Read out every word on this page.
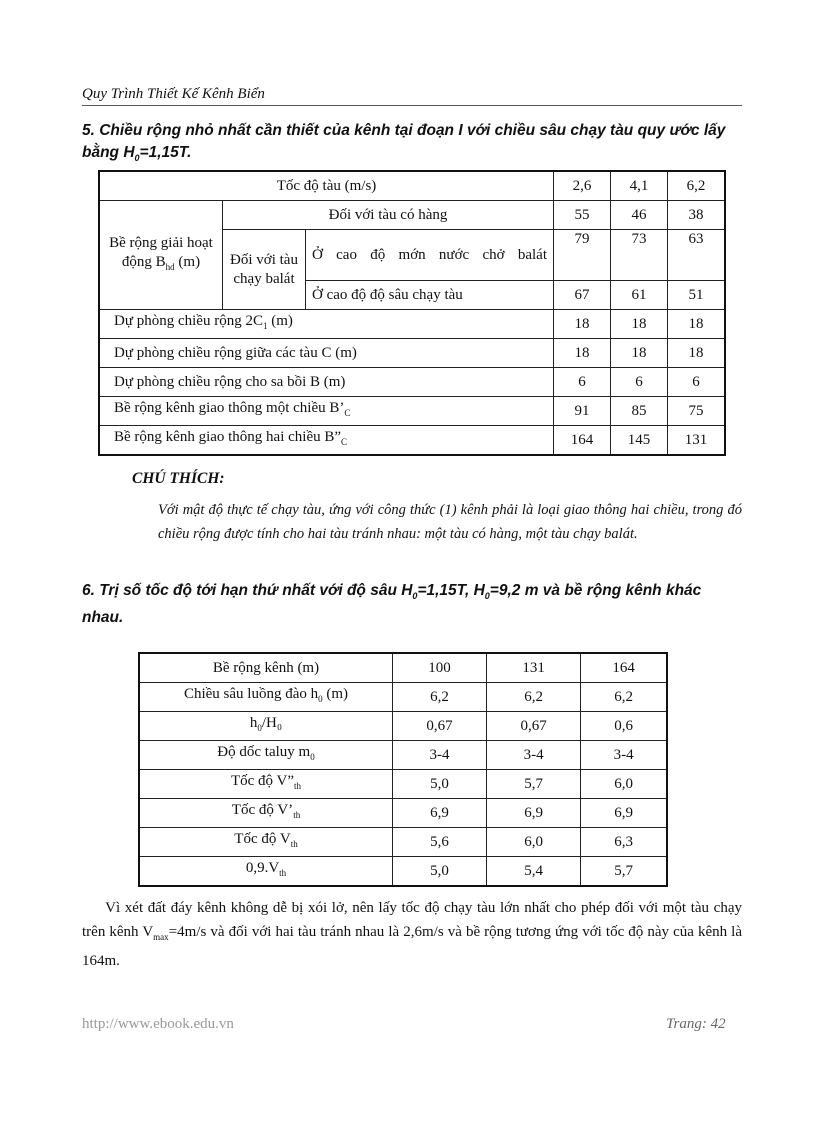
Quy Trình Thiết Kế Kênh Biển
5. Chiều rộng nhỏ nhất cần thiết của kênh tại đoạn I với chiều sâu chạy tàu quy ước lấy bằng $H_0=1,15T$.
Tốc độ tàu (m/s)			2,6	4,1	6,2
Bề rộng giải hoạt động $B_{hd}$ (m)	Đối với tàu có hàng		55	46	38
	Đối với tàu chạy balát	Ở cao độ mớn nước chở balát	79	73	63
		Ở cao độ độ sâu chạy tàu	67	61	51
Dự phòng chiều rộng $2C_1$ (m)			18	18	18
Dự phòng chiều rộng giữa các tàu C (m)			18	18	18
Dự phòng chiều rộng cho sa bồi B (m)			6	6	6
Bề rộng kênh giao thông một chiều $B’_C$			91	85	75
Bề rộng kênh giao thông hai chiều $B”_C$			164	145	131
CHÚ THÍCH:
Với mật độ thực tế chạy tàu, ứng với công thức (1) kênh phải là loại giao thông hai chiều, trong đó chiều rộng được tính cho hai tàu tránh nhau: một tàu có hàng, một tàu chạy balát.
6. Trị số tốc độ tới hạn thứ nhất với độ sâu $H_0=1,15T$, $H_0=9,2$ m và bề rộng kênh khác nhau.
Bề rộng kênh (m)	100	131	164
Chiều sâu luồng đào $h_0$ (m)	6,2	6,2	6,2
$h_0/H_0$	0,67	0,67	0,6
Độ dốc taluy $m_0$	3-4	3-4	3-4
Tốc độ $V”_{th}$	5,0	5,7	6,0
Tốc độ $V’_{th}$	6,9	6,9	6,9
Tốc độ $V_{th}$	5,6	6,0	6,3
$0,9.V_{th}$	5,0	5,4	5,7
Vì xét đất đáy kênh không dễ bị xói lở, nên lấy tốc độ chạy tàu lớn nhất cho phép đối với một tàu chạy trên kênh $V_{max}=4m/s$ và đối với hai tàu tránh nhau là 2,6m/s và bề rộng tương ứng với tốc độ này của kênh là 164m.
http://www.ebook.edu.vn	Trang: 42
